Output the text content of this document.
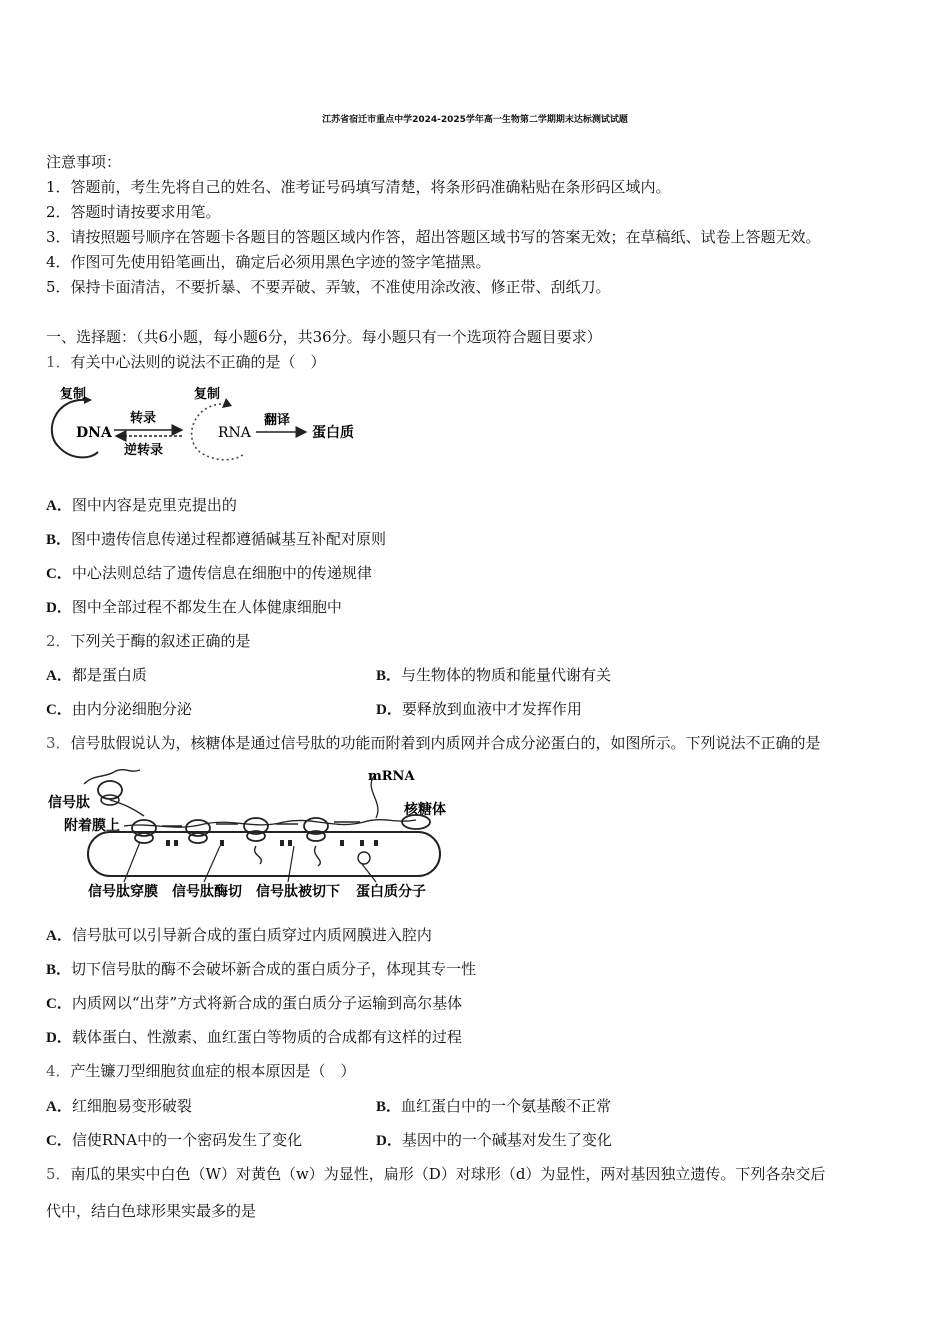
江苏省宿迁市重点中学2024-2025学年高一生物第二学期期末达标测试试题
注意事项：
1．答题前，考生先将自己的姓名、准考证号码填写清楚，将条形码准确粘贴在条形码区域内。
2．答题时请按要求用笔。
3．请按照题号顺序在答题卡各题目的答题区域内作答，超出答题区域书写的答案无效；在草稿纸、试卷上答题无效。
4．作图可先使用铅笔画出，确定后必须用黑色字迹的签字笔描黑。
5．保持卡面清洁，不要折暴、不要弄破、弄皱，不准使用涂改液、修正带、刮纸刀。
一、选择题：（共6小题，每小题6分，共36分。每小题只有一个选项符合题目要求）
1．有关中心法则的说法不正确的是（　）
复制
DNA
转录
逆转录
复制
RNA
翻译
蛋白质
A．图中内容是克里克提出的
B．图中遗传信息传递过程都遵循碱基互补配对原则
C．中心法则总结了遗传信息在细胞中的传递规律
D．图中全部过程不都发生在人体健康细胞中
2．下列关于酶的叙述正确的是
A．都是蛋白质	B．与生物体的物质和能量代谢有关
C．由内分泌细胞分泌	D．要释放到血液中才发挥作用
3．信号肽假说认为，核糖体是通过信号肽的功能而附着到内质网并合成分泌蛋白的，如图所示。下列说法不正确的是
信号肽
附着膜上
mRNA
核糖体
信号肽穿膜 信号肽酶切 信号肽被切下 蛋白质分子
A．信号肽可以引导新合成的蛋白质穿过内质网膜进入腔内
B．切下信号肽的酶不会破坏新合成的蛋白质分子，体现其专一性
C．内质网以“出芽”方式将新合成的蛋白质分子运输到高尔基体
D．载体蛋白、性激素、血红蛋白等物质的合成都有这样的过程
4．产生镰刀型细胞贫血症的根本原因是（　）
A．红细胞易变形破裂	B．血红蛋白中的一个氨基酸不正常
C．信使RNA中的一个密码发生了变化	D．基因中的一个碱基对发生了变化
5．南瓜的果实中白色（W）对黄色（w）为显性，扁形（D）对球形（d）为显性，两对基因独立遗传。下列各杂交后
代中，结白色球形果实最多的是
